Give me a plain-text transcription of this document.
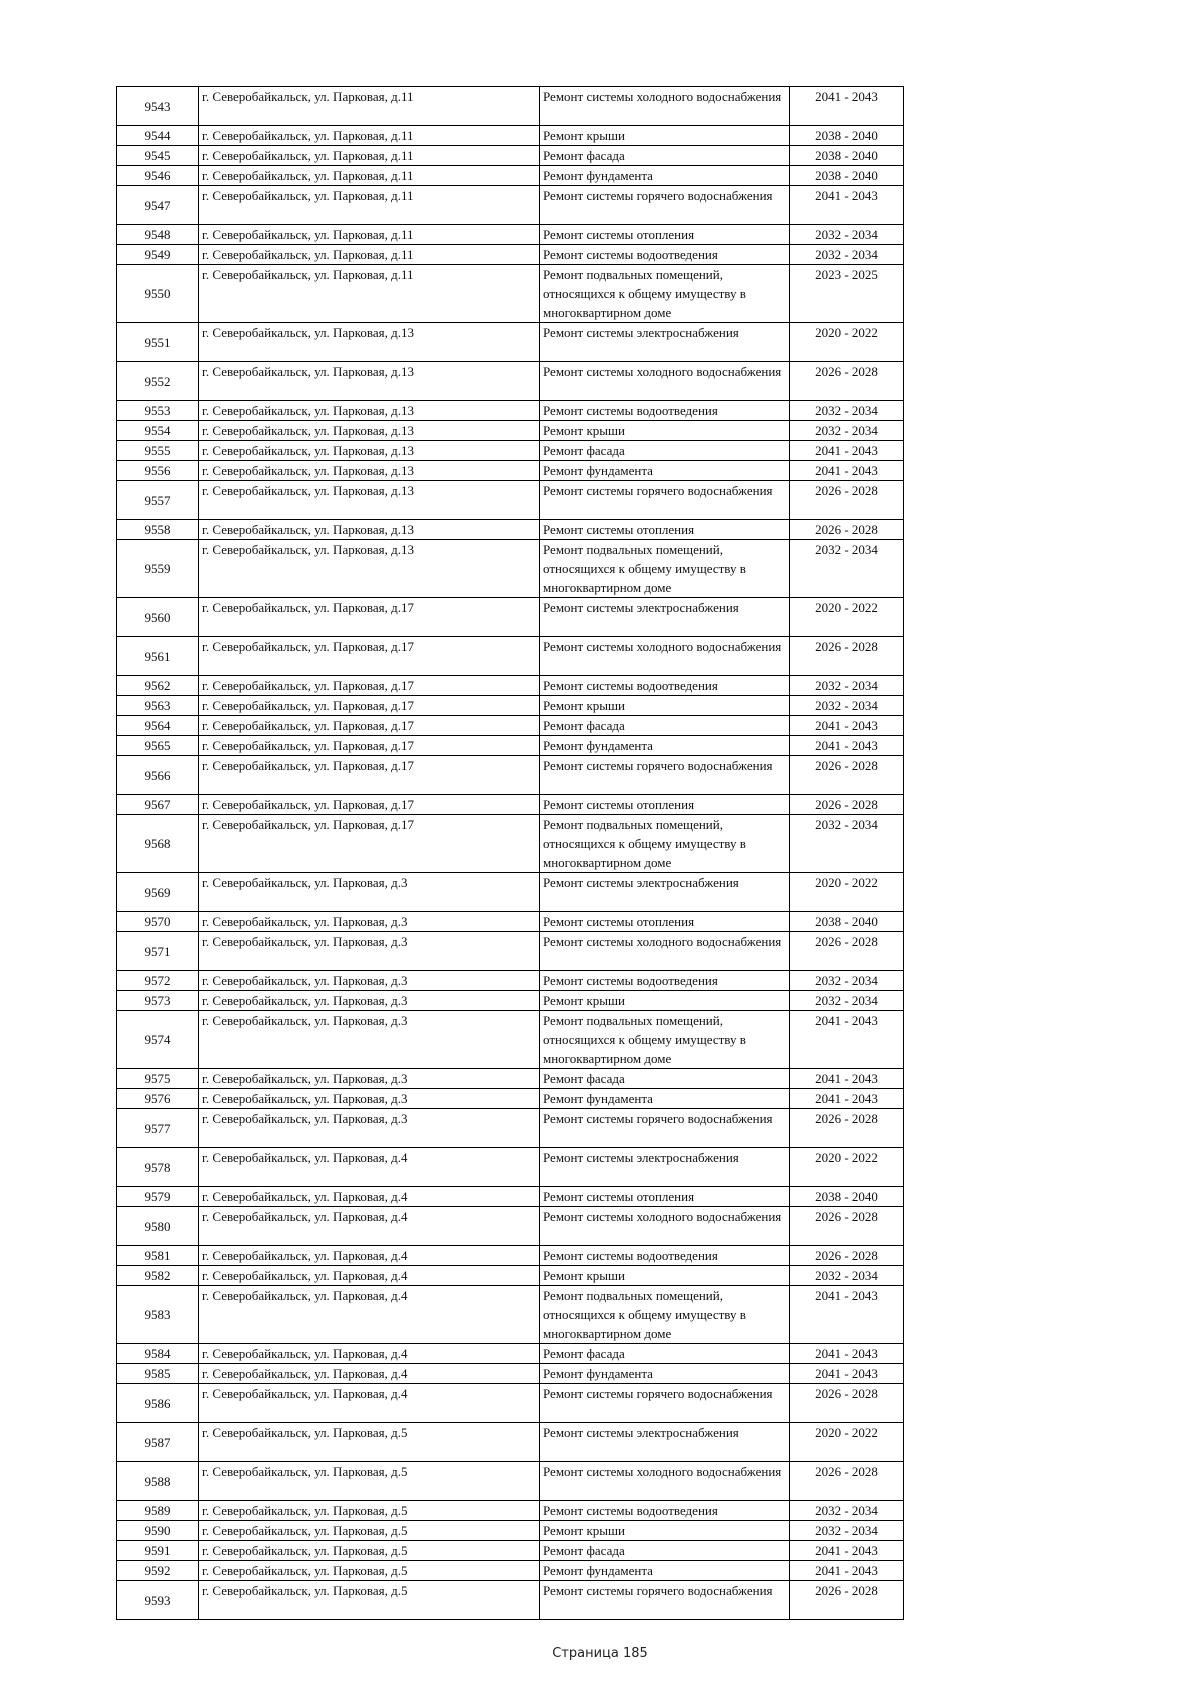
9543	г. Северобайкальск, ул. Парковая, д.11	Ремонт системы холодного водоснабжения	2041 - 2043
9544	г. Северобайкальск, ул. Парковая, д.11	Ремонт крыши	2038 - 2040
9545	г. Северобайкальск, ул. Парковая, д.11	Ремонт фасада	2038 - 2040
9546	г. Северобайкальск, ул. Парковая, д.11	Ремонт фундамента	2038 - 2040
9547	г. Северобайкальск, ул. Парковая, д.11	Ремонт системы горячего водоснабжения	2041 - 2043
9548	г. Северобайкальск, ул. Парковая, д.11	Ремонт системы отопления	2032 - 2034
9549	г. Северобайкальск, ул. Парковая, д.11	Ремонт системы водоотведения	2032 - 2034
9550	г. Северобайкальск, ул. Парковая, д.11	Ремонт подвальных помещений, относящихся к общему имуществу в многоквартирном доме	2023 - 2025
9551	г. Северобайкальск, ул. Парковая, д.13	Ремонт системы электроснабжения	2020 - 2022
9552	г. Северобайкальск, ул. Парковая, д.13	Ремонт системы холодного водоснабжения	2026 - 2028
9553	г. Северобайкальск, ул. Парковая, д.13	Ремонт системы водоотведения	2032 - 2034
9554	г. Северобайкальск, ул. Парковая, д.13	Ремонт крыши	2032 - 2034
9555	г. Северобайкальск, ул. Парковая, д.13	Ремонт фасада	2041 - 2043
9556	г. Северобайкальск, ул. Парковая, д.13	Ремонт фундамента	2041 - 2043
9557	г. Северобайкальск, ул. Парковая, д.13	Ремонт системы горячего водоснабжения	2026 - 2028
9558	г. Северобайкальск, ул. Парковая, д.13	Ремонт системы отопления	2026 - 2028
9559	г. Северобайкальск, ул. Парковая, д.13	Ремонт подвальных помещений, относящихся к общему имуществу в многоквартирном доме	2032 - 2034
9560	г. Северобайкальск, ул. Парковая, д.17	Ремонт системы электроснабжения	2020 - 2022
9561	г. Северобайкальск, ул. Парковая, д.17	Ремонт системы холодного водоснабжения	2026 - 2028
9562	г. Северобайкальск, ул. Парковая, д.17	Ремонт системы водоотведения	2032 - 2034
9563	г. Северобайкальск, ул. Парковая, д.17	Ремонт крыши	2032 - 2034
9564	г. Северобайкальск, ул. Парковая, д.17	Ремонт фасада	2041 - 2043
9565	г. Северобайкальск, ул. Парковая, д.17	Ремонт фундамента	2041 - 2043
9566	г. Северобайкальск, ул. Парковая, д.17	Ремонт системы горячего водоснабжения	2026 - 2028
9567	г. Северобайкальск, ул. Парковая, д.17	Ремонт системы отопления	2026 - 2028
9568	г. Северобайкальск, ул. Парковая, д.17	Ремонт подвальных помещений, относящихся к общему имуществу в многоквартирном доме	2032 - 2034
9569	г. Северобайкальск, ул. Парковая, д.3	Ремонт системы электроснабжения	2020 - 2022
9570	г. Северобайкальск, ул. Парковая, д.3	Ремонт системы отопления	2038 - 2040
9571	г. Северобайкальск, ул. Парковая, д.3	Ремонт системы холодного водоснабжения	2026 - 2028
9572	г. Северобайкальск, ул. Парковая, д.3	Ремонт системы водоотведения	2032 - 2034
9573	г. Северобайкальск, ул. Парковая, д.3	Ремонт крыши	2032 - 2034
9574	г. Северобайкальск, ул. Парковая, д.3	Ремонт подвальных помещений, относящихся к общему имуществу в многоквартирном доме	2041 - 2043
9575	г. Северобайкальск, ул. Парковая, д.3	Ремонт фасада	2041 - 2043
9576	г. Северобайкальск, ул. Парковая, д.3	Ремонт фундамента	2041 - 2043
9577	г. Северобайкальск, ул. Парковая, д.3	Ремонт системы горячего водоснабжения	2026 - 2028
9578	г. Северобайкальск, ул. Парковая, д.4	Ремонт системы электроснабжения	2020 - 2022
9579	г. Северобайкальск, ул. Парковая, д.4	Ремонт системы отопления	2038 - 2040
9580	г. Северобайкальск, ул. Парковая, д.4	Ремонт системы холодного водоснабжения	2026 - 2028
9581	г. Северобайкальск, ул. Парковая, д.4	Ремонт системы водоотведения	2026 - 2028
9582	г. Северобайкальск, ул. Парковая, д.4	Ремонт крыши	2032 - 2034
9583	г. Северобайкальск, ул. Парковая, д.4	Ремонт подвальных помещений, относящихся к общему имуществу в многоквартирном доме	2041 - 2043
9584	г. Северобайкальск, ул. Парковая, д.4	Ремонт фасада	2041 - 2043
9585	г. Северобайкальск, ул. Парковая, д.4	Ремонт фундамента	2041 - 2043
9586	г. Северобайкальск, ул. Парковая, д.4	Ремонт системы горячего водоснабжения	2026 - 2028
9587	г. Северобайкальск, ул. Парковая, д.5	Ремонт системы электроснабжения	2020 - 2022
9588	г. Северобайкальск, ул. Парковая, д.5	Ремонт системы холодного водоснабжения	2026 - 2028
9589	г. Северобайкальск, ул. Парковая, д.5	Ремонт системы водоотведения	2032 - 2034
9590	г. Северобайкальск, ул. Парковая, д.5	Ремонт крыши	2032 - 2034
9591	г. Северобайкальск, ул. Парковая, д.5	Ремонт фасада	2041 - 2043
9592	г. Северобайкальск, ул. Парковая, д.5	Ремонт фундамента	2041 - 2043
9593	г. Северобайкальск, ул. Парковая, д.5	Ремонт системы горячего водоснабжения	2026 - 2028
Страница 185
